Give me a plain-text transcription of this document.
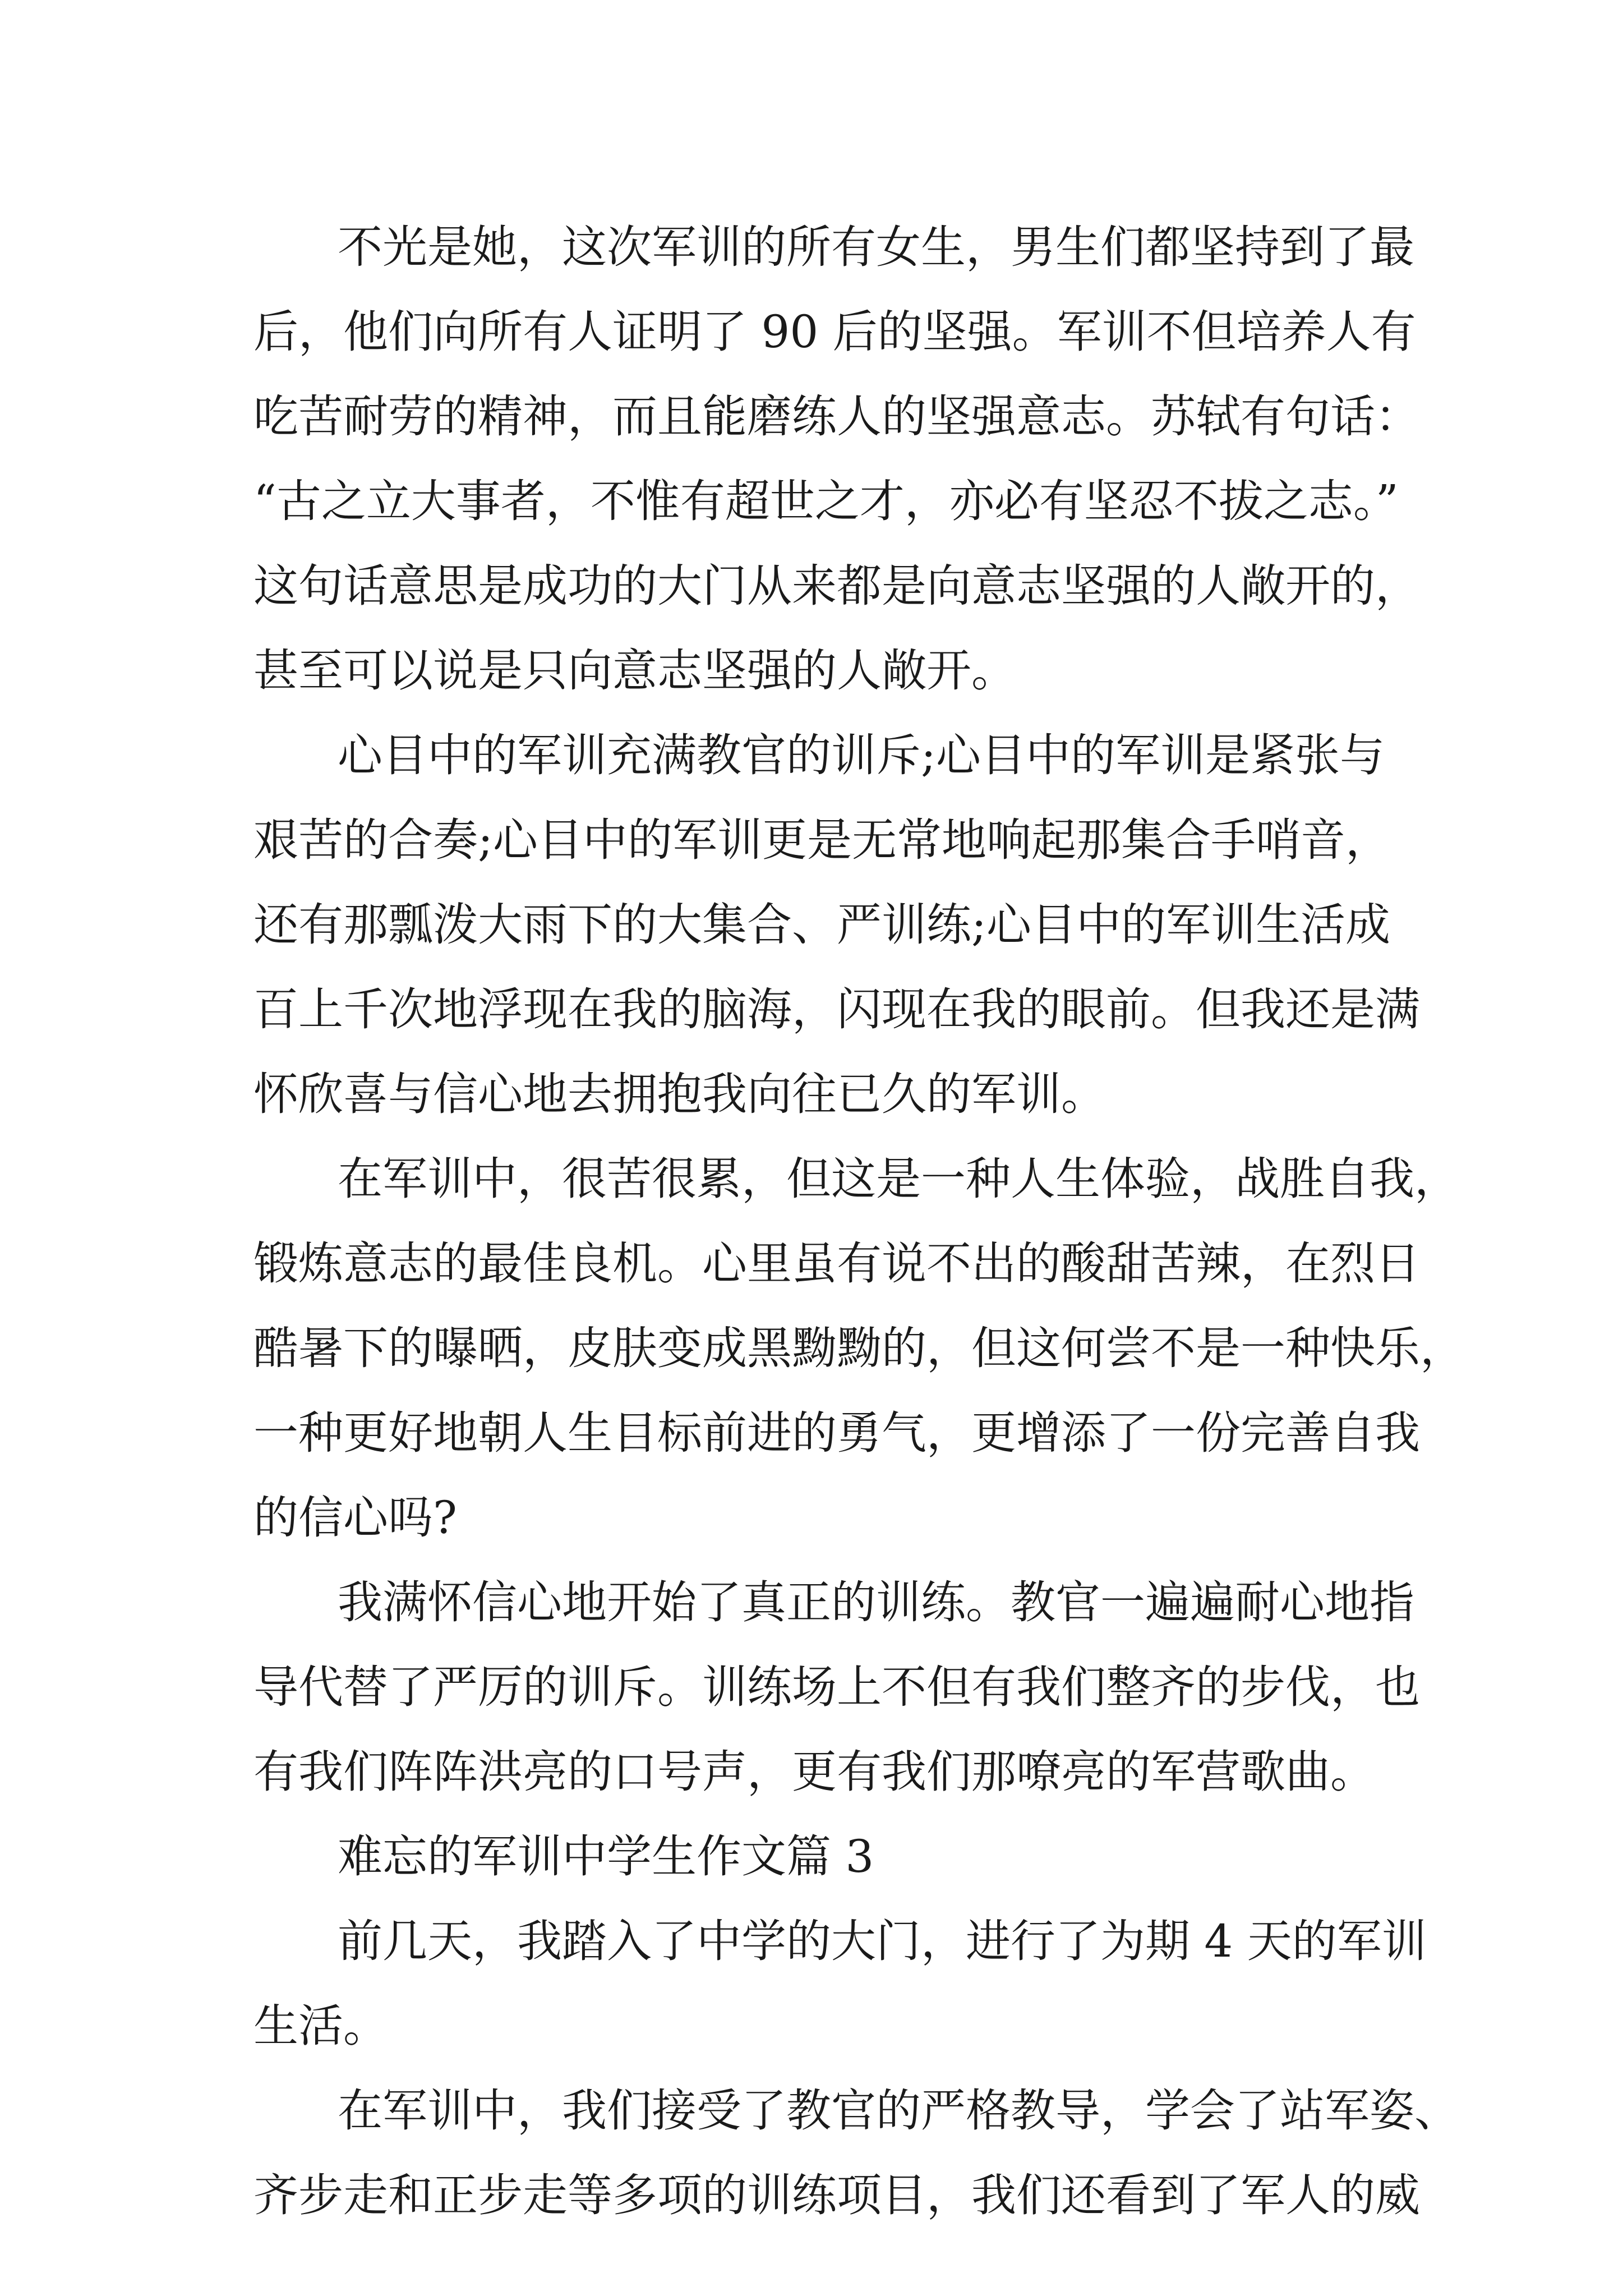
不光是她，这次军训的所有女生，男生们都坚持到了最

后，他们向所有人证明了 90 后的坚强。军训不但培养人有

吃苦耐劳的精神，而且能磨练人的坚强意志。苏轼有句话：

“古之立大事者，不惟有超世之才，亦必有坚忍不拔之志。”

这句话意思是成功的大门从来都是向意志坚强的人敞开的，

甚至可以说是只向意志坚强的人敞开。

心目中的军训充满教官的训斥;心目中的军训是紧张与

艰苦的合奏;心目中的军训更是无常地响起那集合手哨音，

还有那瓢泼大雨下的大集合、严训练;心目中的军训生活成

百上千次地浮现在我的脑海，闪现在我的眼前。但我还是满

怀欣喜与信心地去拥抱我向往已久的军训。

在军训中，很苦很累，但这是一种人生体验，战胜自我，

锻炼意志的最佳良机。心里虽有说不出的酸甜苦辣，在烈日

酷暑下的曝晒，皮肤变成黑黝黝的，但这何尝不是一种快乐，

一种更好地朝人生目标前进的勇气，更增添了一份完善自我

的信心吗?

我满怀信心地开始了真正的训练。教官一遍遍耐心地指

导代替了严厉的训斥。训练场上不但有我们整齐的步伐，也

有我们阵阵洪亮的口号声，更有我们那嘹亮的军营歌曲。

难忘的军训中学生作文篇 3

前几天，我踏入了中学的大门，进行了为期 4 天的军训

生活。

在军训中，我们接受了教官的严格教导，学会了站军姿、

齐步走和正步走等多项的训练项目，我们还看到了军人的威
